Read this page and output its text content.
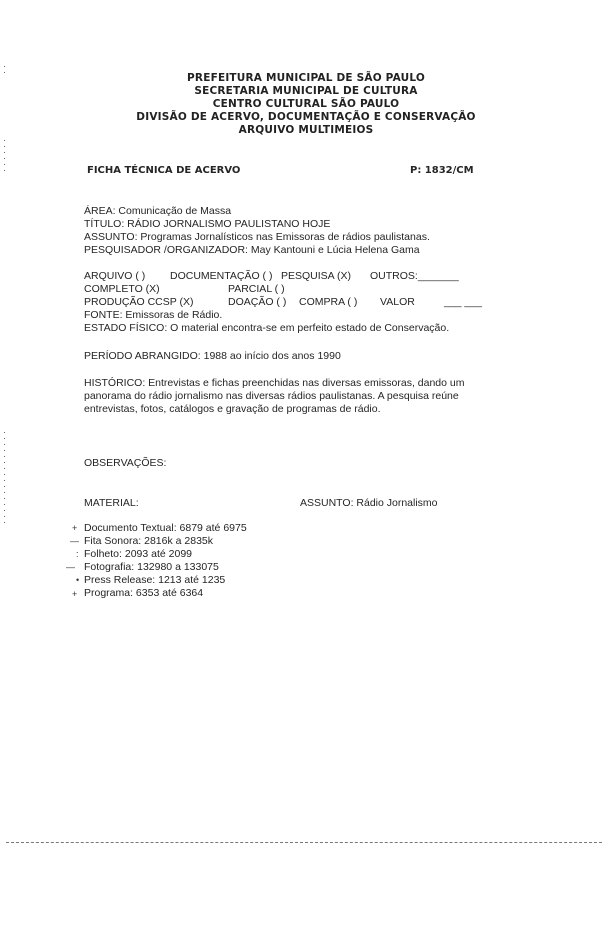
PREFEITURA MUNICIPAL DE SÃO PAULO
SECRETARIA MUNICIPAL DE CULTURA
CENTRO CULTURAL SÃO PAULO
DIVISÃO DE ACERVO, DOCUMENTAÇÃO E CONSERVAÇÃO
ARQUIVO MULTIMEIOS
FICHA TÉCNICA DE ACERVO	P: 1832/CM
ÁREA: Comunicação de Massa
TÍTULO: RÁDIO JORNALISMO PAULISTANO HOJE
ASSUNTO: Programas Jornalísticos nas Emissoras de rádios paulistanas.
PESQUISADOR /ORGANIZADOR: May Kantouni e Lúcia Helena Gama
ARQUIVO ( ) DOCUMENTAÇÃO ( ) PESQUISA (X) OUTROS:_______
COMPLETO (X)	PARCIAL ( )
PRODUÇÃO CCSP (X)	DOAÇÃO ( ) COMPRA ( ) VALOR	___ ___
FONTE: Emissoras de Rádio.
ESTADO FÍSICO: O material encontra-se em perfeito estado de Conservação.
PERÍODO ABRANGIDO: 1988 ao início dos anos 1990
HISTÓRICO: Entrevistas e fichas preenchidas nas diversas emissoras, dando um
panorama do rádio jornalismo nas diversas rádios paulistanas. A pesquisa reúne
entrevistas, fotos, catálogos e gravação de programas de rádio.
OBSERVAÇÕES:
MATERIAL:	ASSUNTO: Rádio Jornalismo
+ Documento Textual: 6879 até 6975
— Fita Sonora: 2816k a 2835k
: Folheto: 2093 até 2099
— Fotografia: 132980 a 133075
• Press Release: 1213 até 1235
+ Programa: 6353 até 6364
